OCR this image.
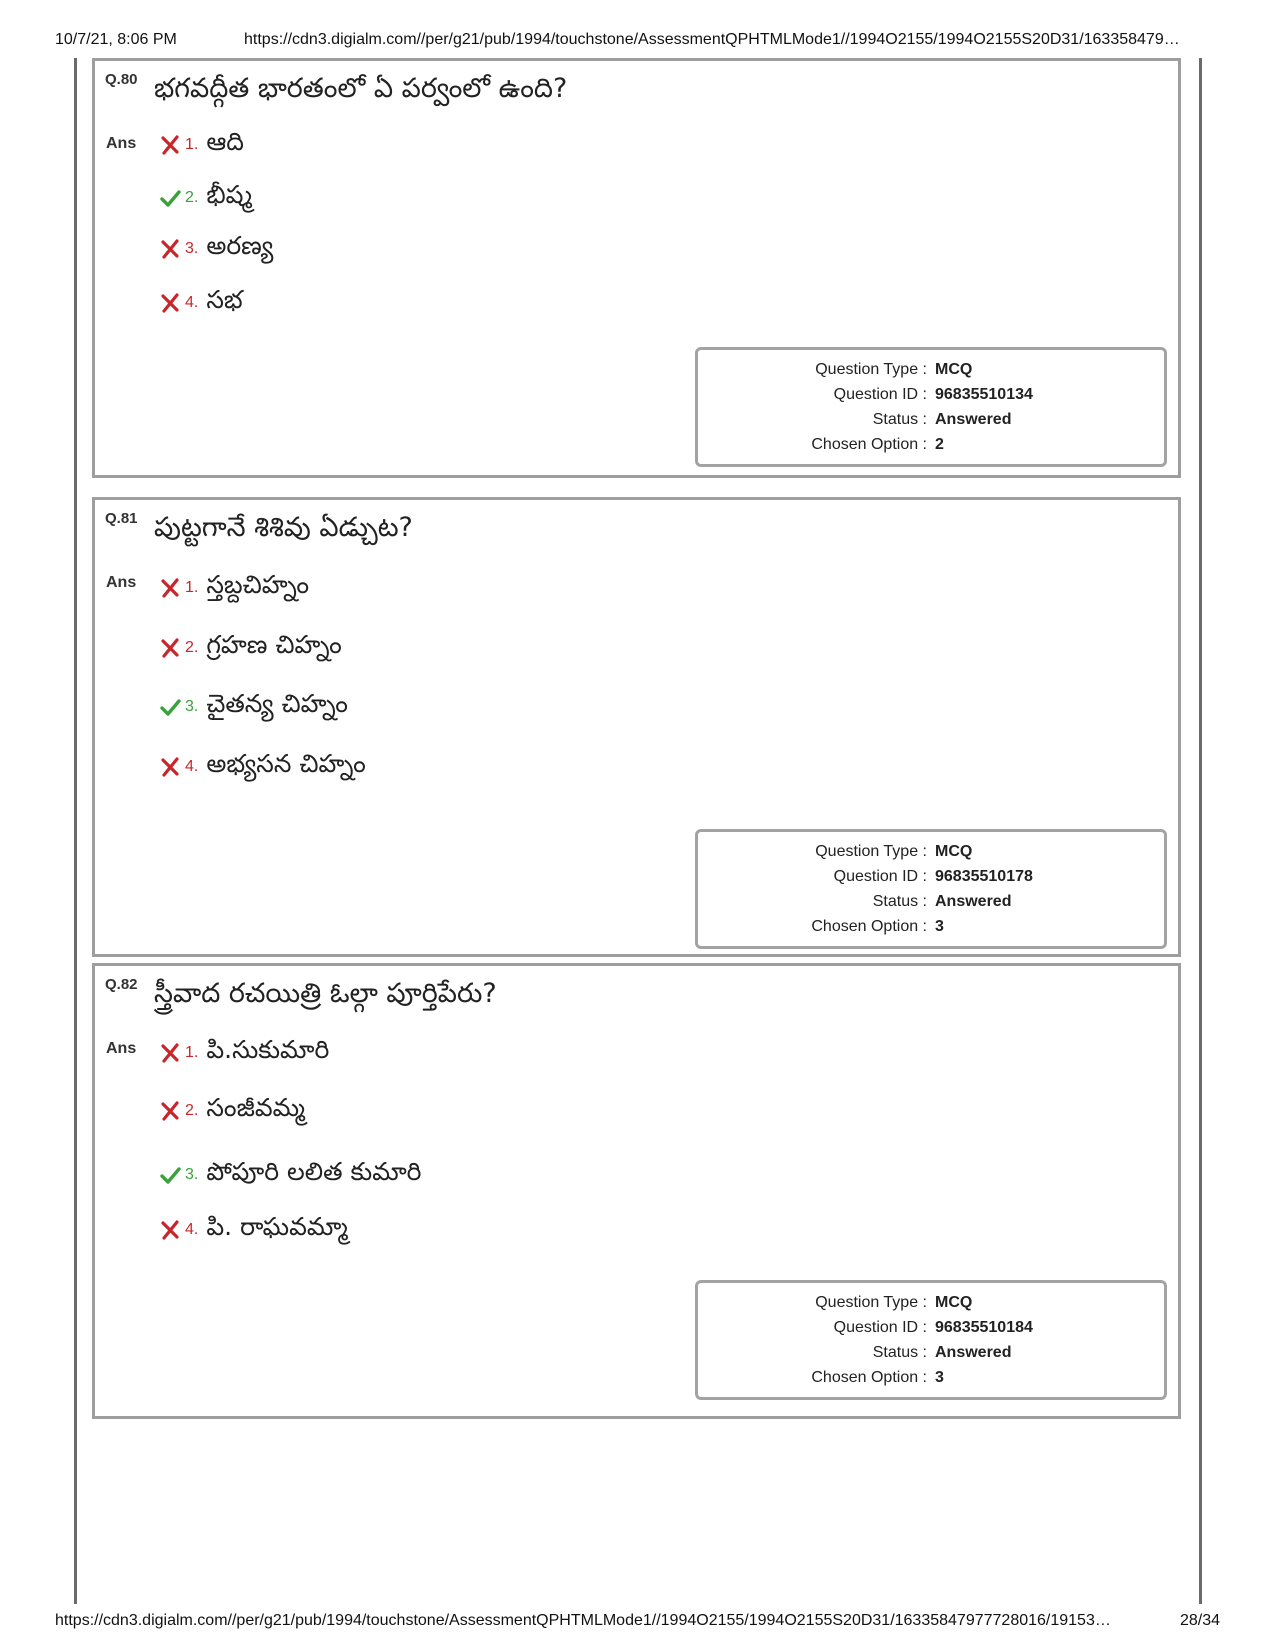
10/7/21, 8:06 PM	https://cdn3.digialm.com//per/g21/pub/1994/touchstone/AssessmentQPHTMLMode1//1994O2155/1994O2155S20D31/163358479…
Q.80 భగవద్గీత భారతంలో ఏ పర్వంలో ఉంది?
Ans	1. ఆది
2. భీష్మ
3. అరణ్య
4. సభ
Question Type : MCQ
Question ID : 96835510134
Status : Answered
Chosen Option : 2
Q.81 పుట్టగానే శిశివు ఏడ్చుట?
Ans	1. స్తబ్దచిహ్నం
2. గ్రహణ చిహ్నం
3. చైతన్య చిహ్నం
4. అభ్యసన చిహ్నం
Question Type : MCQ
Question ID : 96835510178
Status : Answered
Chosen Option : 3
Q.82 స్త్రీవాద రచయిత్రి ఓల్గా పూర్తిపేరు?
Ans	1. పి.సుకుమారి
2. సంజీవమ్మ
3. పోపూరి లలిత కుమారి
4. పి. రాఘవమ్మా
Question Type : MCQ
Question ID : 96835510184
Status : Answered
Chosen Option : 3
https://cdn3.digialm.com//per/g21/pub/1994/touchstone/AssessmentQPHTMLMode1//1994O2155/1994O2155S20D31/16335847977728016/19153…	28/34
